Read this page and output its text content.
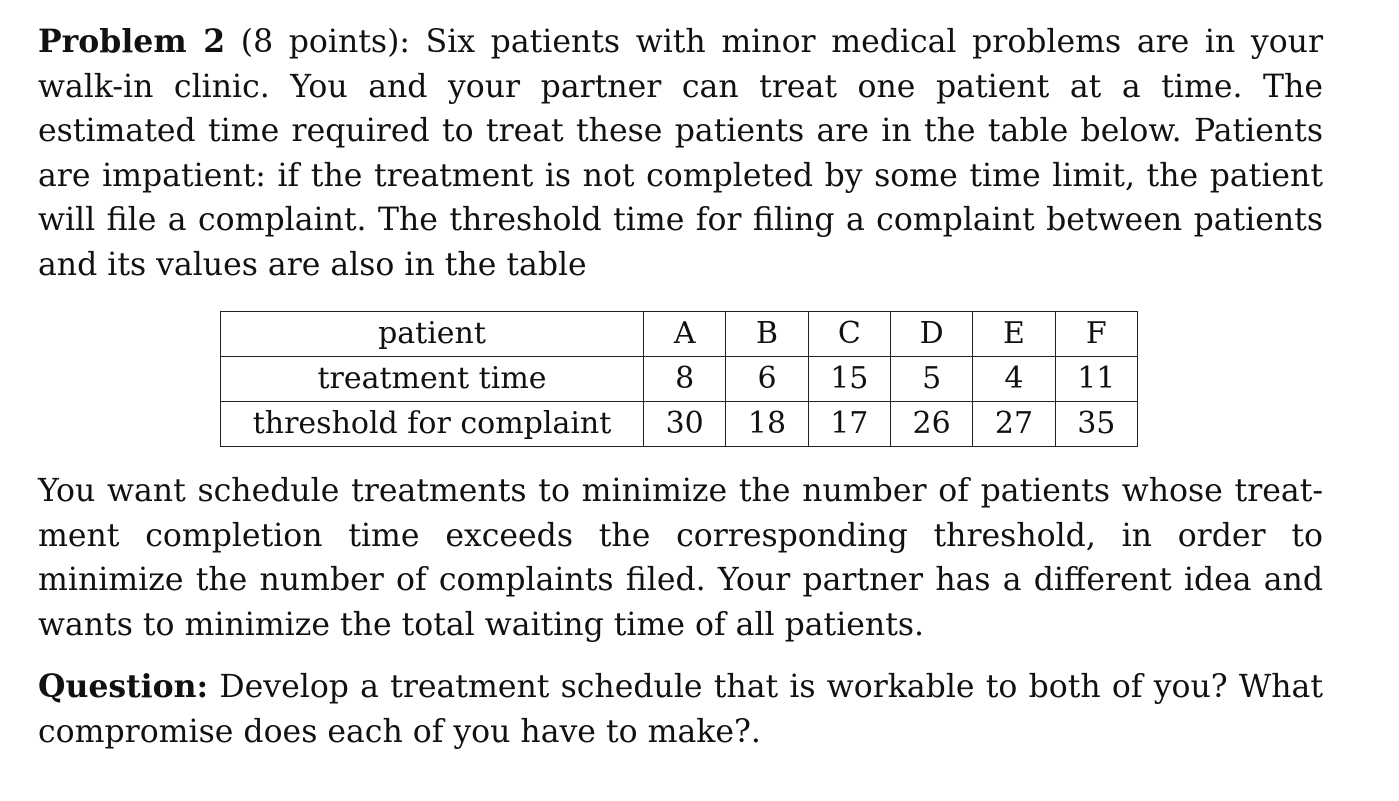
Problem 2 (8 points): Six patients with minor medical problems are in your walk-in clinic. You and your partner can treat one patient at a time. The estimated time required to treat these patients are in the table below. Patients are impatient: if the treatment is not completed by some time limit, the patient will file a complaint. The threshold time for filing a complaint between patients and its values are also in the table

patient	A	B	C	D	E	F
treatment time	8	6	15	5	4	11
threshold for complaint	30	18	17	26	27	35

You want schedule treatments to minimize the number of patients whose treat-ment completion time exceeds the corresponding threshold, in order to minimize the number of complaints filed. Your partner has a different idea and wants to minimize the total waiting time of all patients.

Question: Develop a treatment schedule that is workable to both of you? What compromise does each of you have to make?.
